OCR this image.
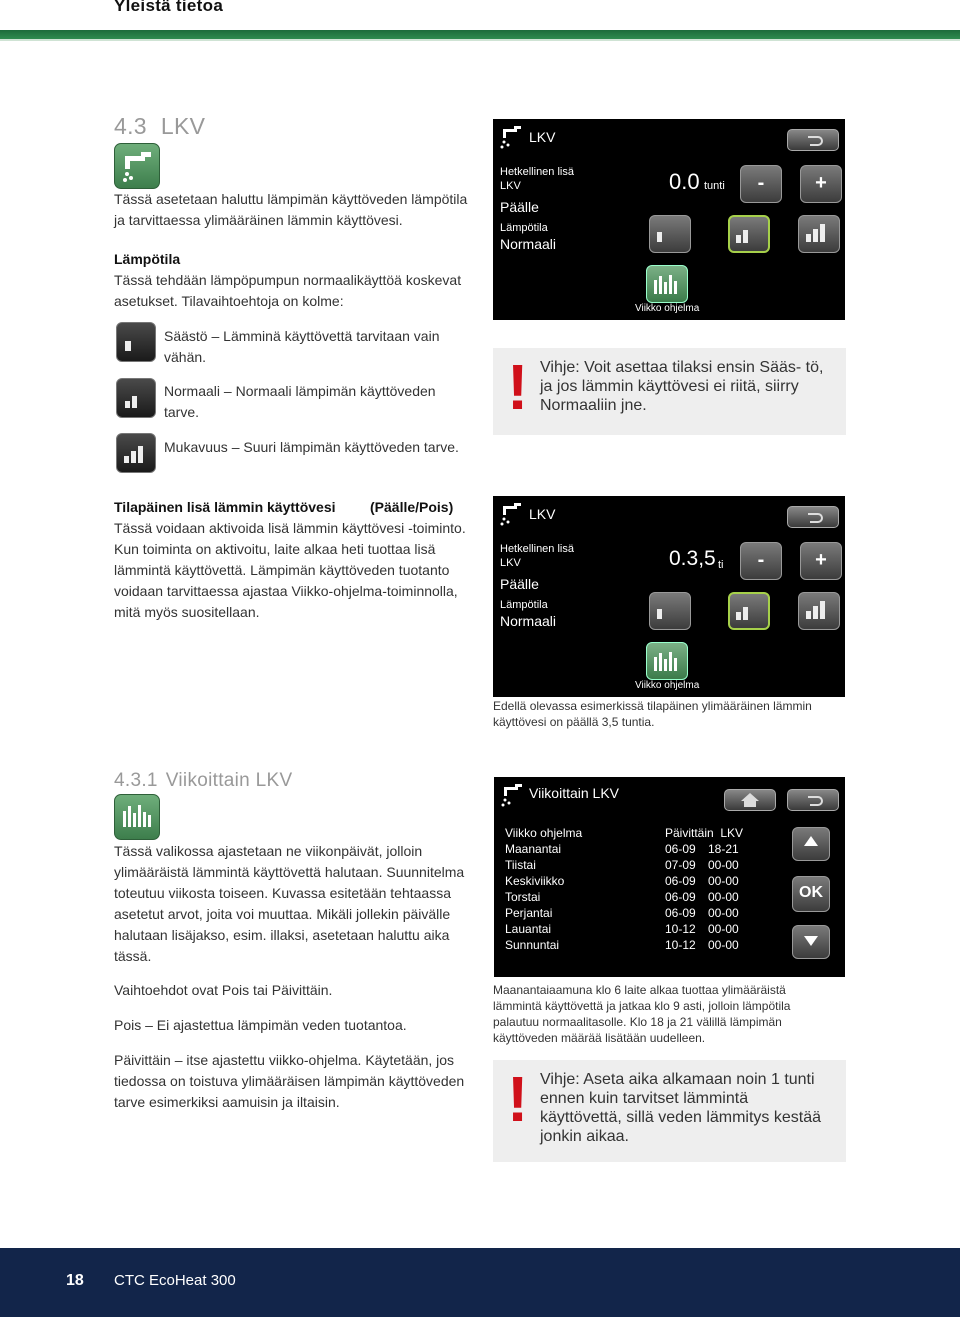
Yleistä tietoa
4.3 LKV
Tässä asetetaan haluttu lämpimän käyttöveden lämpötila ja tarvittaessa ylimääräinen lämmin käyttövesi.
Lämpötila
Tässä tehdään lämpöpumpun normaalikäyttöä koskevat asetukset. Tilavaihtoehtoja on kolme:
Säästö – Lämminä käyttövettä tarvitaan vain vähän.
Normaali – Normaali lämpimän käyttöveden tarve.
Mukavuus – Suuri lämpimän käyttöveden tarve.
LKV
Hetkellinen lisä LKV
Päälle
Lämpötila
Normaali
0.0 tunti	-	+
Viikko ohjelma
! Vihje: Voit asettaa tilaksi ensin Sääs- tö, ja jos lämmin käyttövesi ei riitä, siirry Normaaliin jne.
Tilapäinen lisä lämmin käyttövesi (Päälle/Pois)
Tässä voidaan aktivoida lisä lämmin käyttövesi -toiminto. Kun toiminta on aktivoitu, laite alkaa heti tuottaa lisä lämmintä käyttövettä. Lämpimän käyttöveden tuotanto voidaan tarvittaessa ajastaa Viikko-ohjelma-toiminnolla, mitä myös suositellaan.
LKV
Hetkellinen lisä LKV
Päälle
Lämpötila
Normaali
0.3,5 ti	-	+
Viikko ohjelma
Edellä olevassa esimerkissä tilapäinen ylimääräinen lämmin käyttövesi on päällä 3,5 tuntia.
4.3.1 Viikoittain LKV
Tässä valikossa ajastetaan ne viikonpäivät, jolloin ylimääräistä lämmintä käyttövettä halutaan. Suunnitelma toteutuu viikosta toiseen. Kuvassa esitetään tehtaassa asetetut arvot, joita voi muuttaa. Mikäli jollekin päivälle halutaan lisäjakso, esim. illaksi, asetetaan haluttu aika tässä.
Vaihtoehdot ovat Pois tai Päivittäin.
Pois – Ei ajastettua lämpimän veden tuotantoa.
Päivittäin – itse ajastettu viikko-ohjelma. Käytetään, jos tiedossa on toistuva ylimääräisen lämpimän käyttöveden tarve esimerkiksi aamuisin ja iltaisin.
Viikoittain LKV
Viikko ohjelma	Päivittäin  LKV
Maanantai	06-09	18-21
Tiistai	07-09	00-00
Keskiviikko	06-09	00-00
Torstai	06-09	00-00
Perjantai	06-09	00-00
Lauantai	10-12	00-00
Sunnuntai	10-12	00-00
OK
Maanantaiaamuna klo 6 laite alkaa tuottaa ylimääräistä lämmintä käyttövettä ja jatkaa klo 9 asti, jolloin lämpötila palautuu normaalitasolle. Klo 18 ja 21 välillä lämpimän käyttöveden määrää lisätään uudelleen.
! Vihje: Aseta aika alkamaan noin 1 tunti ennen kuin tarvitset lämmintä käyttövettä, sillä veden lämmitys kestää jonkin aikaa.
18 CTC EcoHeat 300
